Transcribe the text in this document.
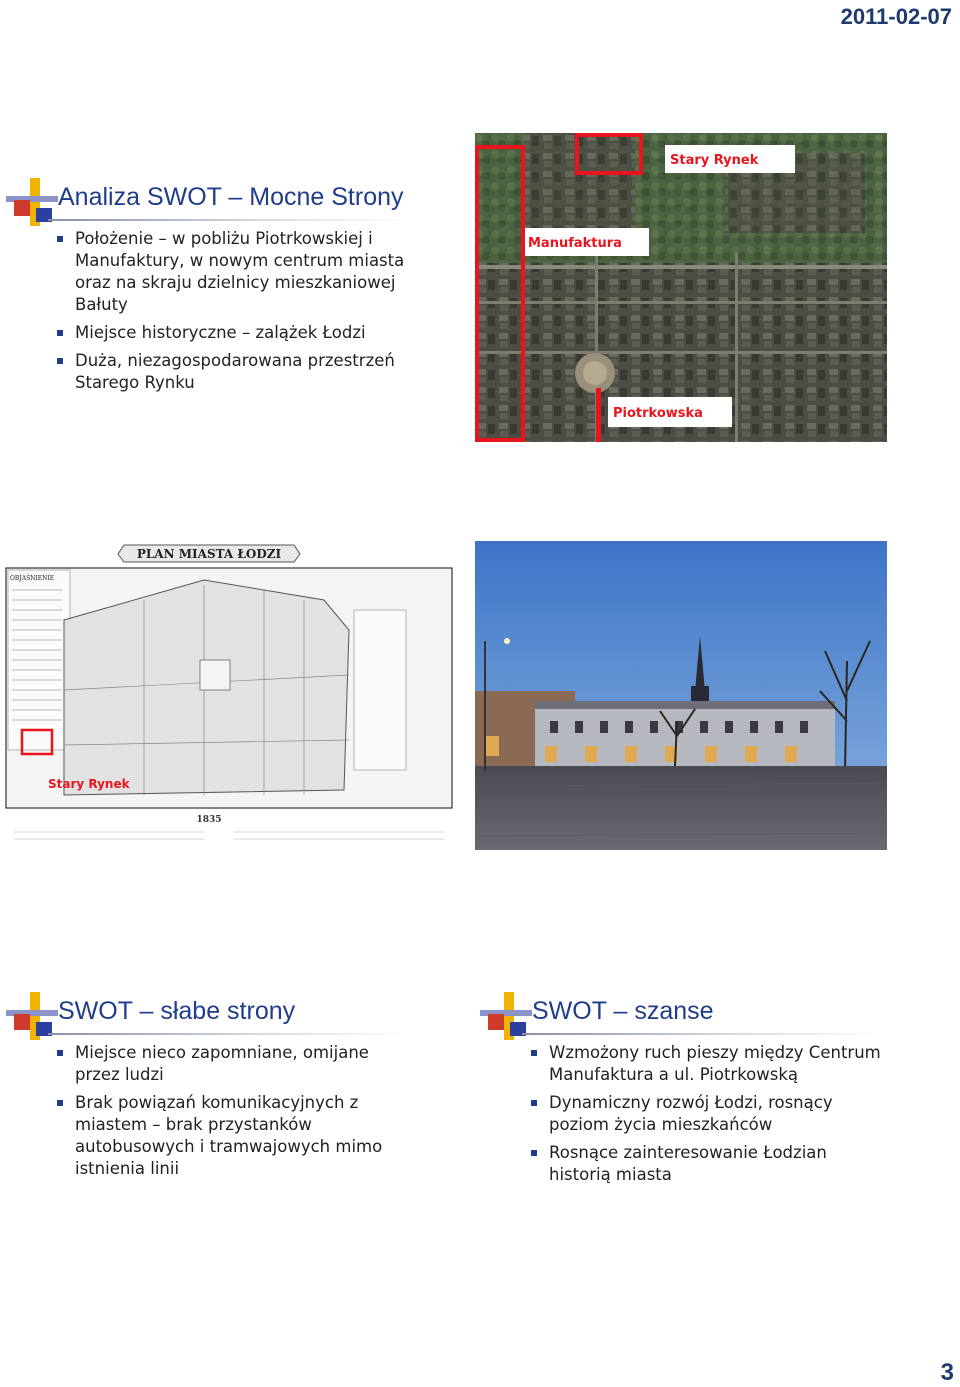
2011-02-07
3
Analiza SWOT – Mocne Strony
Położenie – w pobliżu Piotrkowskiej i Manufaktury, w nowym centrum miasta oraz na skraju dzielnicy mieszkaniowej Bałuty
Miejsce historyczne – zalążek Łodzi
Duża, niezagospodarowana przestrzeń Starego Rynku
Stary Rynek
Manufaktura
Piotrkowska
PLAN MIASTA ŁODZI
OBJAŚNIENIE
Stary Rynek
1835
SWOT – słabe strony
Miejsce nieco zapomniane, omijane przez ludzi
Brak powiązań komunikacyjnych z miastem – brak przystanków autobusowych i tramwajowych mimo istnienia linii
SWOT – szanse
Wzmożony ruch pieszy między Centrum Manufaktura a ul. Piotrkowską
Dynamiczny rozwój Łodzi, rosnący poziom życia mieszkańców
Rosnące zainteresowanie Łodzian historią miasta
